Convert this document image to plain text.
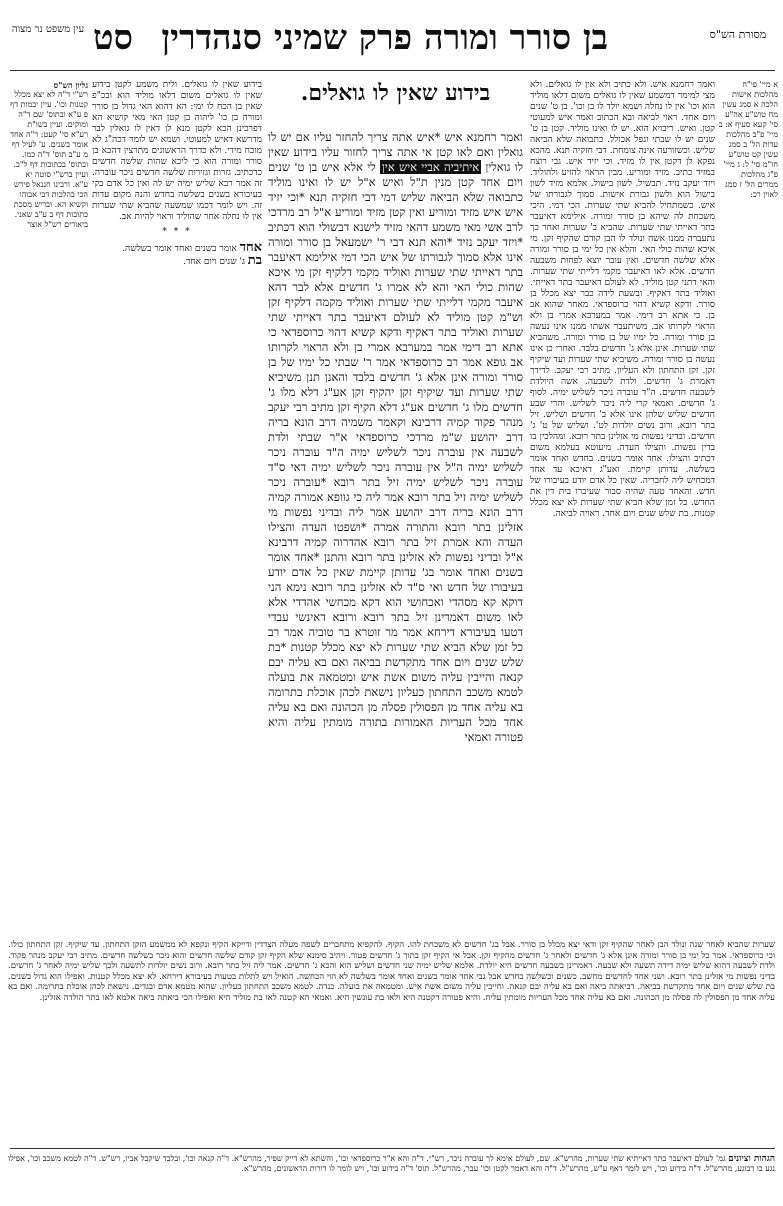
מסורת הש"ס
בן סורר ומורה פרק שמיני סנהדרין
סט
עין משפט נר מצוה
א מיי' פי"ח מהלכות אישות הלכה א סמג עשין מח טוש"ע אה"ע סי' קעא סעיף א: ב מיי' פ"ב מהלכות עדות הל' ב סמג עשין קט טוש"ע חו"מ סי' ל: ג מיי' פ"ג מהלכות ממרים הל' ז סמג לאוין רכ:
ואמר רחמנא איש. ולא כתיב ולא אין לו גואלים. ולא מצי למימר דמשמע שאין לו גואלים משום דלאו מוליד הוא וכו' אין לו נחלה ושמא יולד לו בן וכו'. בן ט' שנים ויום אחד. ראוי לביאה ובא הכתוב ואמר איש למעוטי קטן. ואיש. ריבויא הוא. יש לו ואינו מוליד. קטן בן ט' שנים יש לו שבתי ונפל אכולל. כתבואה שלא הביאה שליש. וכשזורעה אינה צומחת. דבי חזקיה תנא. מהכא נפקא לן דקטן אין לו מזיד. וכי יזיד איש. גבי רוצח במזיד כתיב. מזיד ומוריע. מבין הראוי להזיע ולהוליד. ויזד יעקב נזיד. תבשיל. לשון בישול. אלמא מזיד לשון בישול הוא ולשון גבורת אישות. סמוך לגבורתו של איש. כשמתחיל להביא שתי שערות. הכי דמי. היכי משכחת לה שיהא בן סורר ומורה. אילימא דאיעבר בתר דאייתי שתי שערות. שהביא ב' שערות ואחר כך נתעברה ממנו אשה ונולד לו הבן קודם שהקיף זקן. מי איכא שהות כולי האי. והלא אין כל ימי בן סורר ומורה אלא שלשה חדשים. ואין עובר יוצא לפחות משבעה חדשים. אלא לאו דאיעבר מקמי דלייתי שתי שערות. והאי דתני קטן מוליד. לא לעולם דאיעבר בתר דאייתי. ואוליד בתר דאקיף. ובשעת לידה כבר יצא מכלל בן סורר. ודקא קשיא דהוי כרוספדאי. מאחר שהוא אב בן. כי אתא רב דימי. אמר במערבא אמרי בן ולא הראוי לקרותו אב. משיתעבר אשתו ממנו אינו נעשה בן סורר ומורה. כל ימיו של בן סורר ומורה. משהביא שתי שערות. אינן אלא ג' חדשים בלבד. ואחרי כן אינו נעשה בן סורר ומורה. משיביא שתי שערות ועד שיקיף זקן. זקן התחתון ולא העליון. מתיב רבי יעקב. לדידך דאמרת ג' חדשים. ולדת לשבעה. אשה היולדת לשבעה חדשים. ה"ד עוברה ניכר לשליש ימיה. לסוף ג' חדשים. ואמאי קרי ליה ניכר לשליש. והרי שבע חדשים שליש שלהן אינו אלא ב' חדשים ושליש. זיל בתר רובא. ורוב נשים יולדות לט'. ושליש של ט' ג' חדשים. ובדיני נפשות מי אזלינן בתר רובא. ומהלכין בו בדין נפשות. והצילו העדה. מיעוטא בעלמא משום דכתיב והצילו. אחד אומר בשנים. בחדש ואחד אומר בשלשה. עדותן קיימת. ואע"ג דאיכא עד אחד דמכחיש ליה לחבריה. שאין כל אדם יודע בעיבורו של חדש. והאחד טעה שהיה סבור שעיברו בית דין את החדש. כל זמן שלא הביא שתי שערות לא יצא מכלל קטנות. בת שלש שנים ויום אחד. ראויה לביאה.
בידוע שאין לו גואלים.
ואמר רחמנא איש *איש אתה צריך להחזר עליו אם יש לו גואלין ואם לאו קטן אי אתה צריך לחזור עליו בידוע שאין לו גואלין איתיביה אביי איש אין לי אלא איש בן ט' שנים ויום אחד קטן מנין ת"ל ואיש א"ל יש לו ואינו מוליד כתבואה שלא הביאה שליש דמי דבי חזקיה תנא *וכי יזיד איש איש מזיד ומוריע ואין קטן מזיד ומוריע א"ל רב מרדכי לרב אשי מאי משמע דהאי מזיד לישנא דבשולי הוא דכתיב *ויזד יעקב נזיד *והא תנא דבי ר' ישמעאל בן סורר ומורה אינו אלא סמוך לגבורתו של איש הכי דמי אילימא דאיעבר בתר דאייתי שתי שערות ואוליד מקמי דלקיף זקן מי איכא שהות כולי האי והא לא אמרו ג' חדשים אלא לבר דהא איעבר מקמי דלייתי שתי שערות ואוליד מקמה דלקיף זקן וש"מ קטן מוליד לא לעולם דאיעבר בתר דאייתי שתי שערות ואוליד בתר דאקיף ודקא קשיא דהוי כרוספדאי כי אתא רב דימי אמר במערבא אמרי בן ולא הראוי לקרותו אב גופא אמר רב כרוספדאי אמר ר' שבתי כל ימיו של בן סורר ומורה אינן אלא ג' חדשים בלבד והאנן תנן משיביא שתי שערות ועד שיקיף זקן יהקיף זקן אע"ג דלא מלו ג' חדשים מלו ג' חדשים אע"ג דלא הקיף זקן מתיב רבי יעקב מנהר פקוד קמיה דרבינא וקאמר משמיה דרב הונא בריה דרב יהושע ש"מ מרדכי כרוספדאי א"ר שבתי ולדת לשבעה אין עוברה ניכר לשליש ימיה ה"ד עוברה ניכר לשליש ימיה ה"ל אין עוברה ניכר לשליש ימיה דאי ס"ד עוברה ניכר לשליש ימיה זיל בתר רובא *עוברה ניכר לשליש ימיה זיל בתר רובא אמר ליה כי גוופא אמורה קמיה דרב הונא בריה דרב יהושע אמר ליה ובדיני נפשות מי אזלינן בתר רובא והתורה אמרה *ושפטו העדה והצילו העדה והא אמרת זיל בתר רובא אהדרוה קמיה דרבינא א"ל ובדיני נפשות לא אזלינן בתר רובא והתנן *אחד אומר בשנים ואחד אומר בג' עדותן קיימת שאין כל אדם יודע בעיבורו של חדש ואי ס"ד לא אזלינן בתר רובא נימא הני דוקא קא מסהדי ואכחושי הוא דקא מכחשי אהדדי אלא לאו משום דאמרינן זיל בתר רובא ורובא דאינשי עבדי דטעו בעיבורא דירחא אמר מר זוטרא בר טוביה אמר רב כל זמן שלא הביא שתי שערות לא יצא מכלל קטנות *בת שלש שנים ויום אחד מתקדשת בביאה ואם בא עליה יבם קנאה והייבין עליה משום אשת איש ומטמאה את בועלה לטמא משכב התחתון כעליון נישאת לכהן אוכלת בתרומה בא עליה אחד מן הפסולין פסלה מן הכהונה ואם בא עליה אחד מכל העריות האמורות בתורה מומתין עליה והיא פטורה ואמאי
בידוע שאין לו גואלים. ולית משמע לקטן בידוע שאין לו גואלים משום דלאו מוליד הוא ובכ"פ שאין בן הכח לו ימי: הא דהוא האי גדול בן סורר ומורה בן כו' ליהוה בן קטן האי מאי קושיא הא דפרכינן הכא לקטן מנא לן דאין לו גואלין לבר מדרשא דאיש למעוטי. ושמא יש לומר דכה"ג לא מוכח מידי. ולא כדרך הראשונים מתרצין דהכא בן סורר ומורה הוא כי ליכא שהות שלשה חדשים כדכתיב. גזרות וגזירות שלשה חדשים ניכר עוברה. זה אמר רבא שליש ימיה יש לה ואין כל אדם בקי בעיבורא בשנים בשלשה בחדש והנה מקום עדות זה. ויש לומר דכמו שמשעה שהביא שתי שערות אין לו נחלה אחר שהוליד וראוי להיות אב.
* * *
אחד אומר בשנים ואחד אומר בשלשה.
בת ג' שנים ויום אחד.
גליון הש"ס
רש"י ד"ה לא יצא מכלל קטנות וכו'. עיין יבמות דף פ ע"א ובתוס' שם ד"ה ומוקים. ועיין בשו"ת רע"א סי' קעט: ר"ה אחד אומר בשנים. ע' לעיל דף מ ע"ב תוס' ד"ה כמו. ובתוס' בכתובות דף ל"ב. ועיין ברש"י סוטה יא ע"א. ורבינו חננאל פירש הכי בהלכות דבי אבוהו וקשיא הא. ובריש מסכת כתובות דף ב ע"ב שאני.
ביאורים רש"ל אוצר
שערות שהביא לאחר שנה ונולד הבן לאחר שהקיף זקן ודאי יצא מכלל בן סורר. אבל בג' חדשים לא משכחת להו. הקיף. להקפיא מתחברים לשפה מעלה הצדדין ודייקא הקיף ונקפא לא ממשמע הזקן התחתון. עד שיקיף. זקן התחתון כולו. וכי כרוספדאי. אמר כל ימי בן סורר ומורה אינן אלא ג' חדשים ולאחר ג' חדשים מהקיף זקן. אבל אי הקיף זקן בתוך ג' חדשים פטור. ויהיב סימנא שלא הקיף זקן קודם שלשה חדשים והוא ניכר בשלשה חדשים. מתיב רבי יעקב מנהר פקוד. ולדת לשבעה דהוא שליש ימיה דידה תשעה ולא שבעה. דאמרינן בשבעה חדשים היא יולדת. אלמא שליש ימיה שני חדשים ושליש הוא והכא ג' חדשים. אמר ליה זיל בתר רובא. ורוב נשים יולדות לתשעה ולכך שליש ימיה לאחר ג' חדשים. בדיני נפשות מי אזלינן בתר רובא. ושני אחד לחדשים מחשב. כשנים וכשלשה בחדש אבל גבי אחד אומר בשנים ואחד אומר בשלשה לא הוי הכחשה. הואיל ויש לתלות בטעות בעיבורא דירחא. לא יצא מכלל קטנות. ואפילו הוא גדול בשנים. בת שלש שנים ויום אחד מתקדשת בביאה. דביאתה ביאה ואם בא עליה יבם קנאה. וחייבין עליה משום אשת איש. ומטמאה את בועלה. כנדה. לטמא משכב התחתון כעליון. שהוא מטמא אדם ובגדים. נישאת לכהן אוכלת בתרומה. ואם בא עליה אחד מן הפסולין לה פסלה מן הכהונה. ואם בא עליה אחד מכל העריות מומתין עליה. והיא פטורה דקטנה היא ולאו בת עונשין היא. ואמאי הא קטנה לאו בת מוליד היא ואפילו הכי ביאתה ביאה אלמא לאו בתר הולדה אזלינן.
הגהות וציונים גמ' לעולם דאיעבר בתר דאייתיא שתי שערות, מהרש"א. שם, לעולם אימא לך עוברה ניכר, רש"י. ד"ה והא א"ר כרוספדאי וכו', והשתא לא דייק שפיר, מהרש"א. ד"ה קנאה וכו', ובלבד שיקבל אביו, רש"ש. ד"ה לטמא משכב וכו', אפילו נגע בו דבוגע, מהרש"ל. ד"ה בידוע וכו', ויש לומר דאף ע"ש, מהרש"ל. ד"ה והא דאמר לקטן וכו' עבר, מהרש"ל. תוס' ד"ה בידוע וכו', ויש לומר לו דורות הראשונים, מהרש"א.
